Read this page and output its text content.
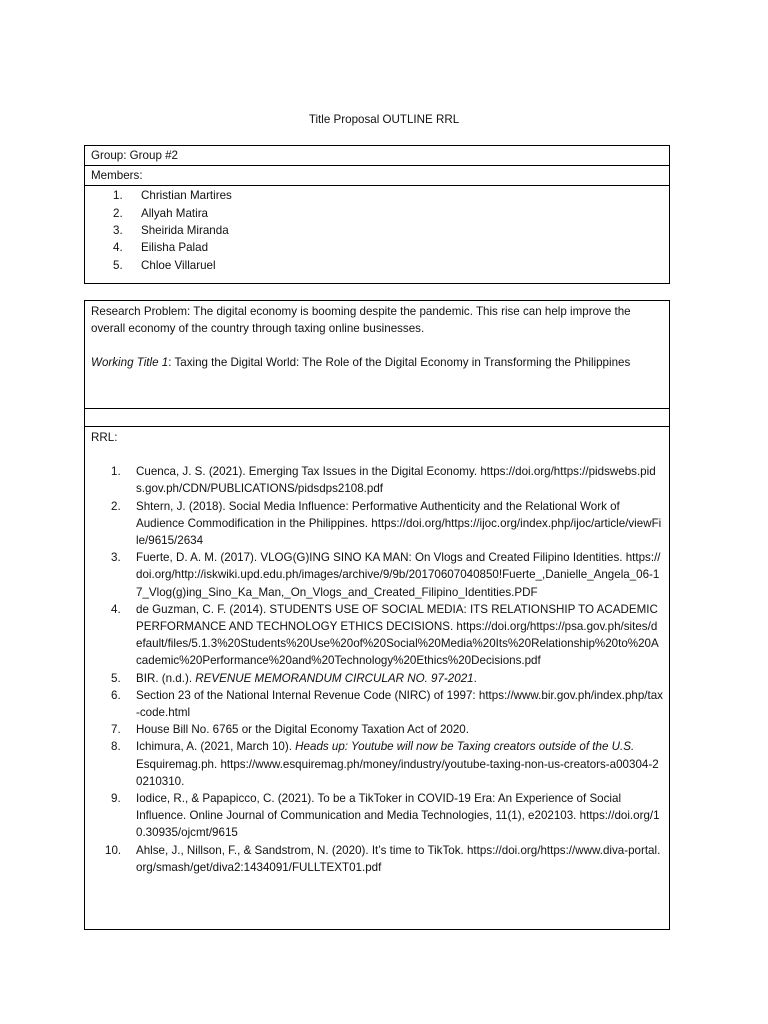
Title Proposal OUTLINE RRL
Group: Group #2
Members:
1.	Christian Martires
2.	Allyah Matira
3.	Sheirida Miranda
4.	Eilisha Palad
5.	Chloe Villaruel
Research Problem: The digital economy is booming despite the pandemic. This rise can help improve the overall economy of the country through taxing online businesses.
Working Title 1: Taxing the Digital World: The Role of the Digital Economy in Transforming the Philippines
RRL:
1.	Cuenca, J. S. (2021). Emerging Tax Issues in the Digital Economy. https://doi.org/https://pidswebs.pids.gov.ph/CDN/PUBLICATIONS/pidsdps2108.pdf
2.	Shtern, J. (2018). Social Media Influence: Performative Authenticity and the Relational Work of Audience Commodification in the Philippines. https://doi.org/https://ijoc.org/index.php/ijoc/article/viewFile/9615/2634
3.	Fuerte, D. A. M. (2017). VLOG(G)ING SINO KA MAN: On Vlogs and Created Filipino Identities. https://doi.org/http://iskwiki.upd.edu.ph/images/archive/9/9b/20170607040850!Fuerte_,Danielle_Angela_06-17_Vlog(g)ing_Sino_Ka_Man,_On_Vlogs_and_Created_Filipino_Identities.PDF
4.	de Guzman, C. F. (2014). STUDENTS USE OF SOCIAL MEDIA: ITS RELATIONSHIP TO ACADEMIC PERFORMANCE AND TECHNOLOGY ETHICS DECISIONS. https://doi.org/https://psa.gov.ph/sites/default/files/5.1.3%20Students%20Use%20of%20Social%20Media%20Its%20Relationship%20to%20Academic%20Performance%20and%20Technology%20Ethics%20Decisions.pdf
5.	BIR. (n.d.). REVENUE MEMORANDUM CIRCULAR NO. 97-2021.
6.	Section 23 of the National Internal Revenue Code (NIRC) of 1997: https://www.bir.gov.ph/index.php/tax-code.html
7.	House Bill No. 6765 or the Digital Economy Taxation Act of 2020.
8.	Ichimura, A. (2021, March 10). Heads up: Youtube will now be Taxing creators outside of the U.S. Esquiremag.ph. https://www.esquiremag.ph/money/industry/youtube-taxing-non-us-creators-a00304-20210310.
9.	Iodice, R., & Papapicco, C. (2021). To be a TikToker in COVID-19 Era: An Experience of Social Influence. Online Journal of Communication and Media Technologies, 11(1), e202103. https://doi.org/10.30935/ojcmt/9615
10.	Ahlse, J., Nillson, F., & Sandstrom, N. (2020). It’s time to TikTok. https://doi.org/https://www.diva-portal.org/smash/get/diva2:1434091/FULLTEXT01.pdf
